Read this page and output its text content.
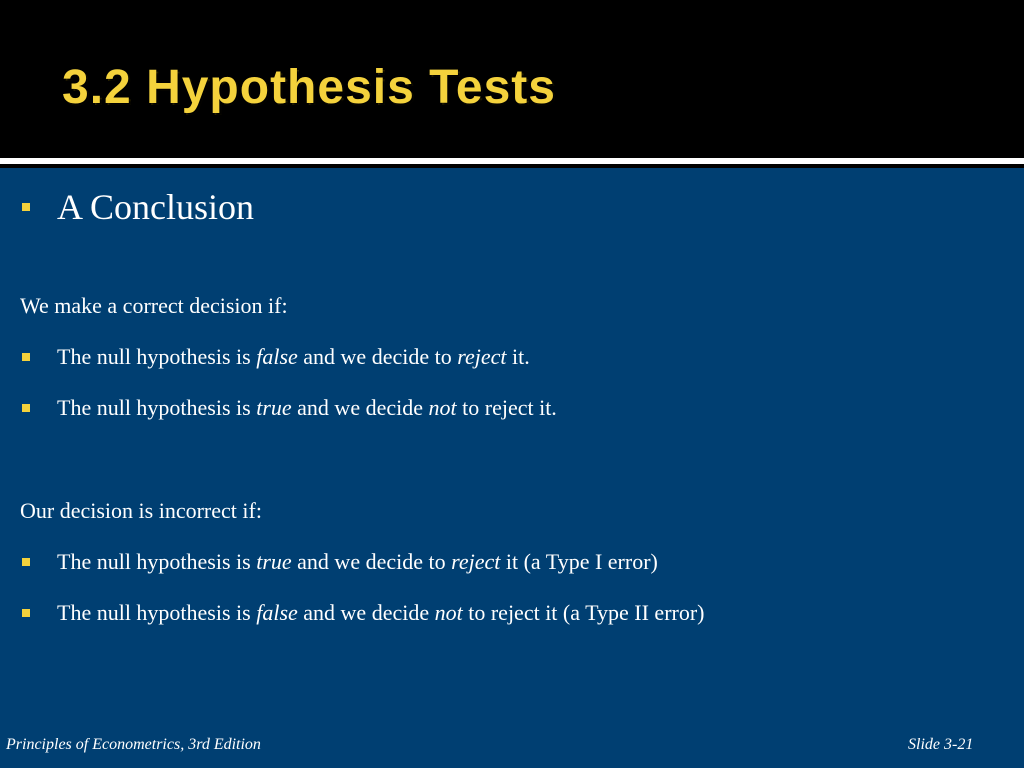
3.2 Hypothesis Tests
A Conclusion
We make a correct decision if:
The null hypothesis is false and we decide to reject it.
The null hypothesis is true and we decide not to reject it.
Our decision is incorrect if:
The null hypothesis is true and we decide to reject it (a Type I error)
The null hypothesis is false and we decide not to reject it (a Type II error)
Principles of Econometrics, 3rd Edition	Slide 3-21
